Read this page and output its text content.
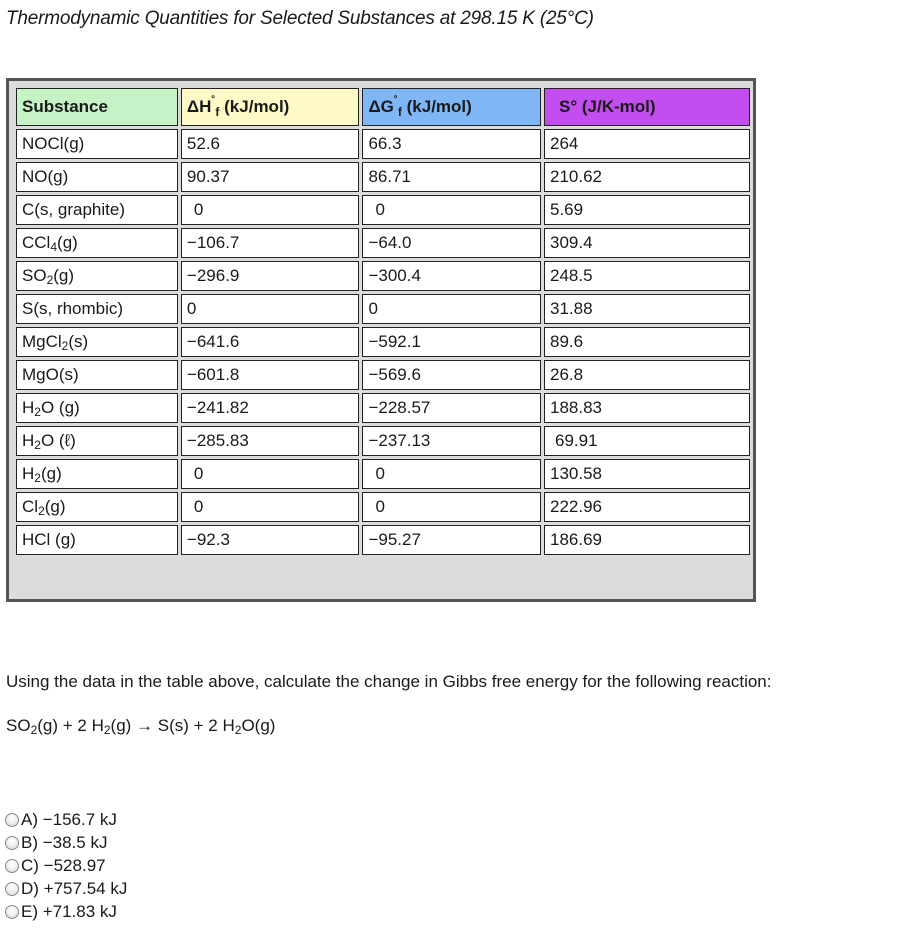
Thermodynamic Quantities for Selected Substances at 298.15 K (25°C)
Substance	$\Delta H^˚_f$ (kJ/mol)	$\Delta G^˚_f$ (kJ/mol)	S° (J/K-mol)
NOCl(g)	52.6	66.3	264
NO(g)	90.37	86.71	210.62
C(s, graphite)	0	0	5.69
CCl$_4$(g)	−106.7	−64.0	309.4
$SO_2(g)$	−296.9	−300.4	248.5
S(s, rhombic)	0	0	31.88
MgCl$_2$(s)	−641.6	−592.1	89.6
MgO(s)	−601.8	−569.6	26.8
$H_2O$ (g)	−241.82	−228.57	188.83
$H_2O$ (ℓ)	−285.83	−237.13	69.91
$H_2(g)$	0	0	130.58
$Cl_2(g)$	0	0	222.96
HCl (g)	−92.3	−95.27	186.69
Using the data in the table above, calculate the change in Gibbs free energy for the following reaction:
$SO_2(g) + 2$ $H_2(g) \to S(s) + 2$ $H_2O(g)$
A) −156.7 kJ
B) −38.5 kJ
C) −528.97
D) +757.54 kJ
E) +71.83 kJ
